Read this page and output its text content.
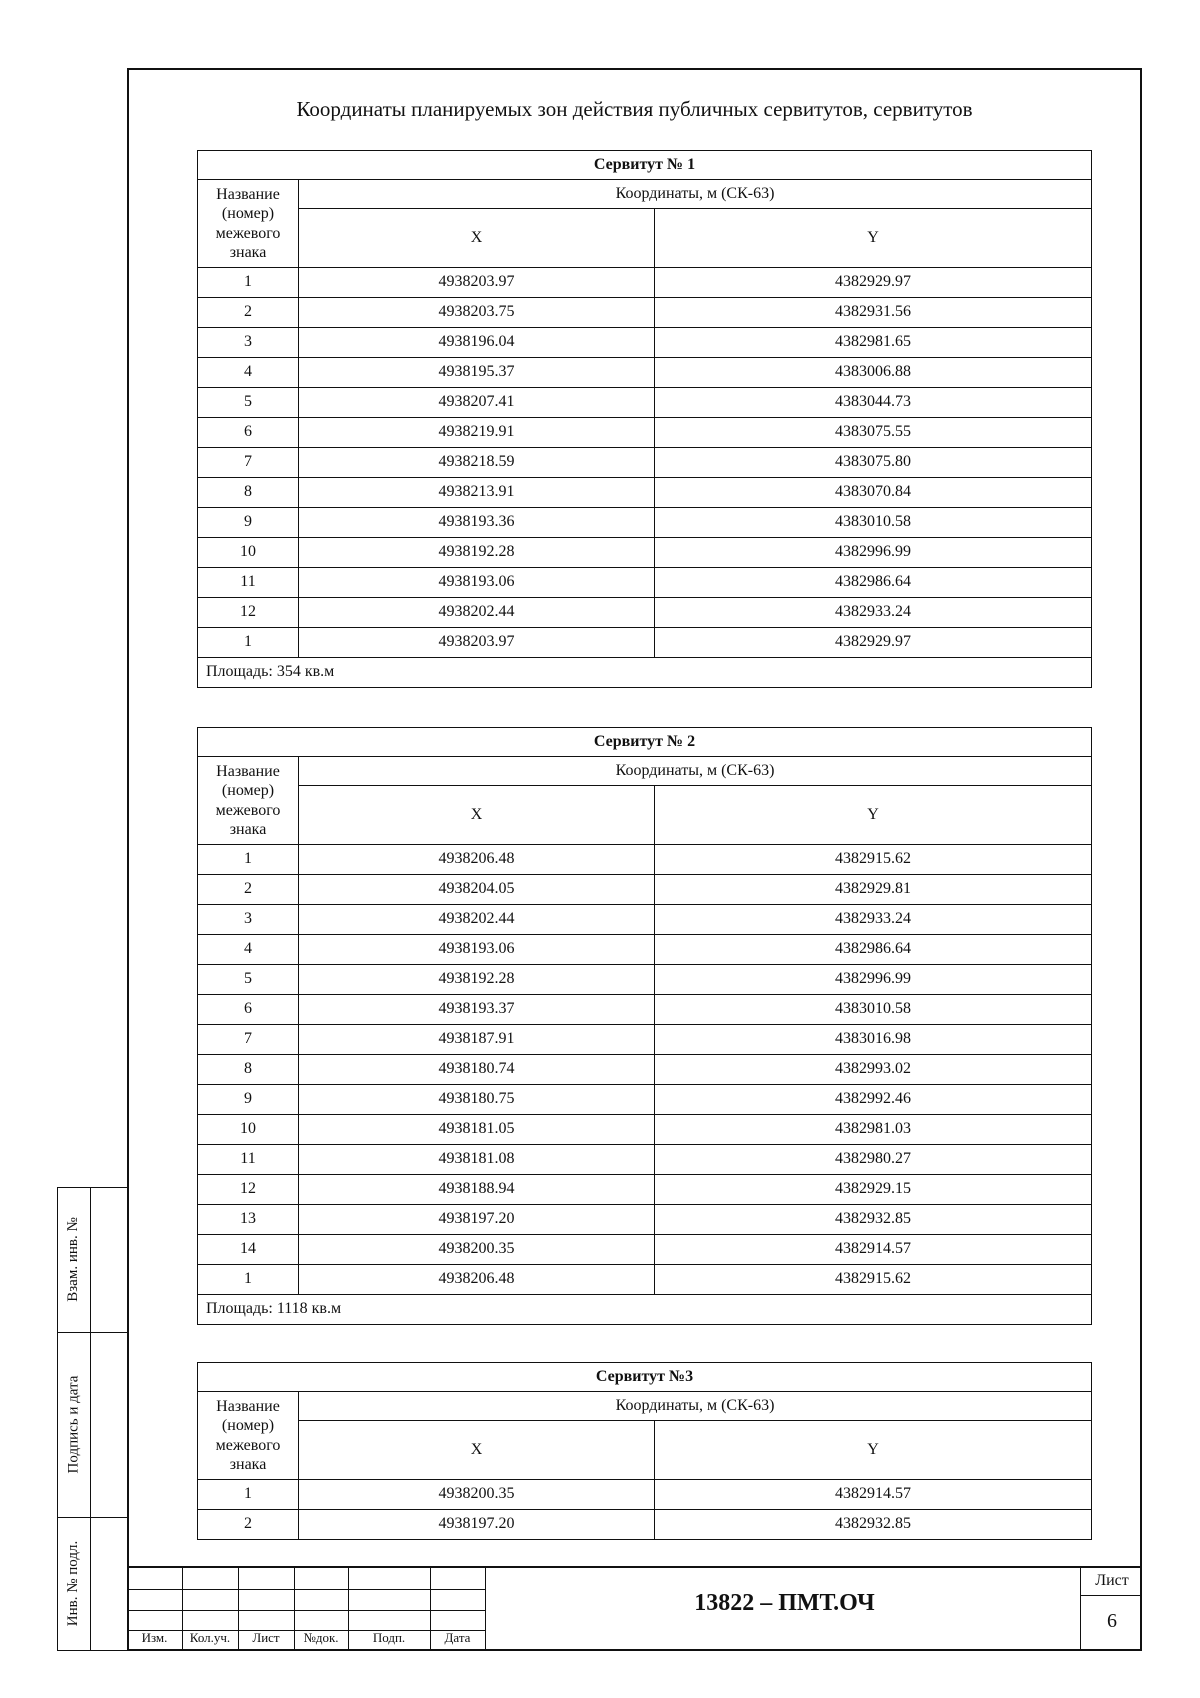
Взам. инв. №
Подпись и дата
Инв. № подл.
Координаты планируемых зон действия публичных сервитутов, сервитутов
Сервитут № 1		
Название (номер) межевого знака	Координаты, м (СК-63)	
	X	Y
1	4938203.97	4382929.97
2	4938203.75	4382931.56
3	4938196.04	4382981.65
4	4938195.37	4383006.88
5	4938207.41	4383044.73
6	4938219.91	4383075.55
7	4938218.59	4383075.80
8	4938213.91	4383070.84
9	4938193.36	4383010.58
10	4938192.28	4382996.99
11	4938193.06	4382986.64
12	4938202.44	4382933.24
1	4938203.97	4382929.97
Площадь: 354 кв.м		
Сервитут № 2		
Название (номер) межевого знака	Координаты, м (СК-63)	
	X	Y
1	4938206.48	4382915.62
2	4938204.05	4382929.81
3	4938202.44	4382933.24
4	4938193.06	4382986.64
5	4938192.28	4382996.99
6	4938193.37	4383010.58
7	4938187.91	4383016.98
8	4938180.74	4382993.02
9	4938180.75	4382992.46
10	4938181.05	4382981.03
11	4938181.08	4382980.27
12	4938188.94	4382929.15
13	4938197.20	4382932.85
14	4938200.35	4382914.57
1	4938206.48	4382915.62
Площадь: 1118 кв.м		
Сервитут №3		
Название (номер) межевого знака	Координаты, м (СК-63)	
	X	Y
1	4938200.35	4382914.57
2	4938197.20	4382932.85
Изм.	Кол.уч.	Лист	№док.	Подп.	Дата
13822 – ПМТ.ОЧ
Лист
6
